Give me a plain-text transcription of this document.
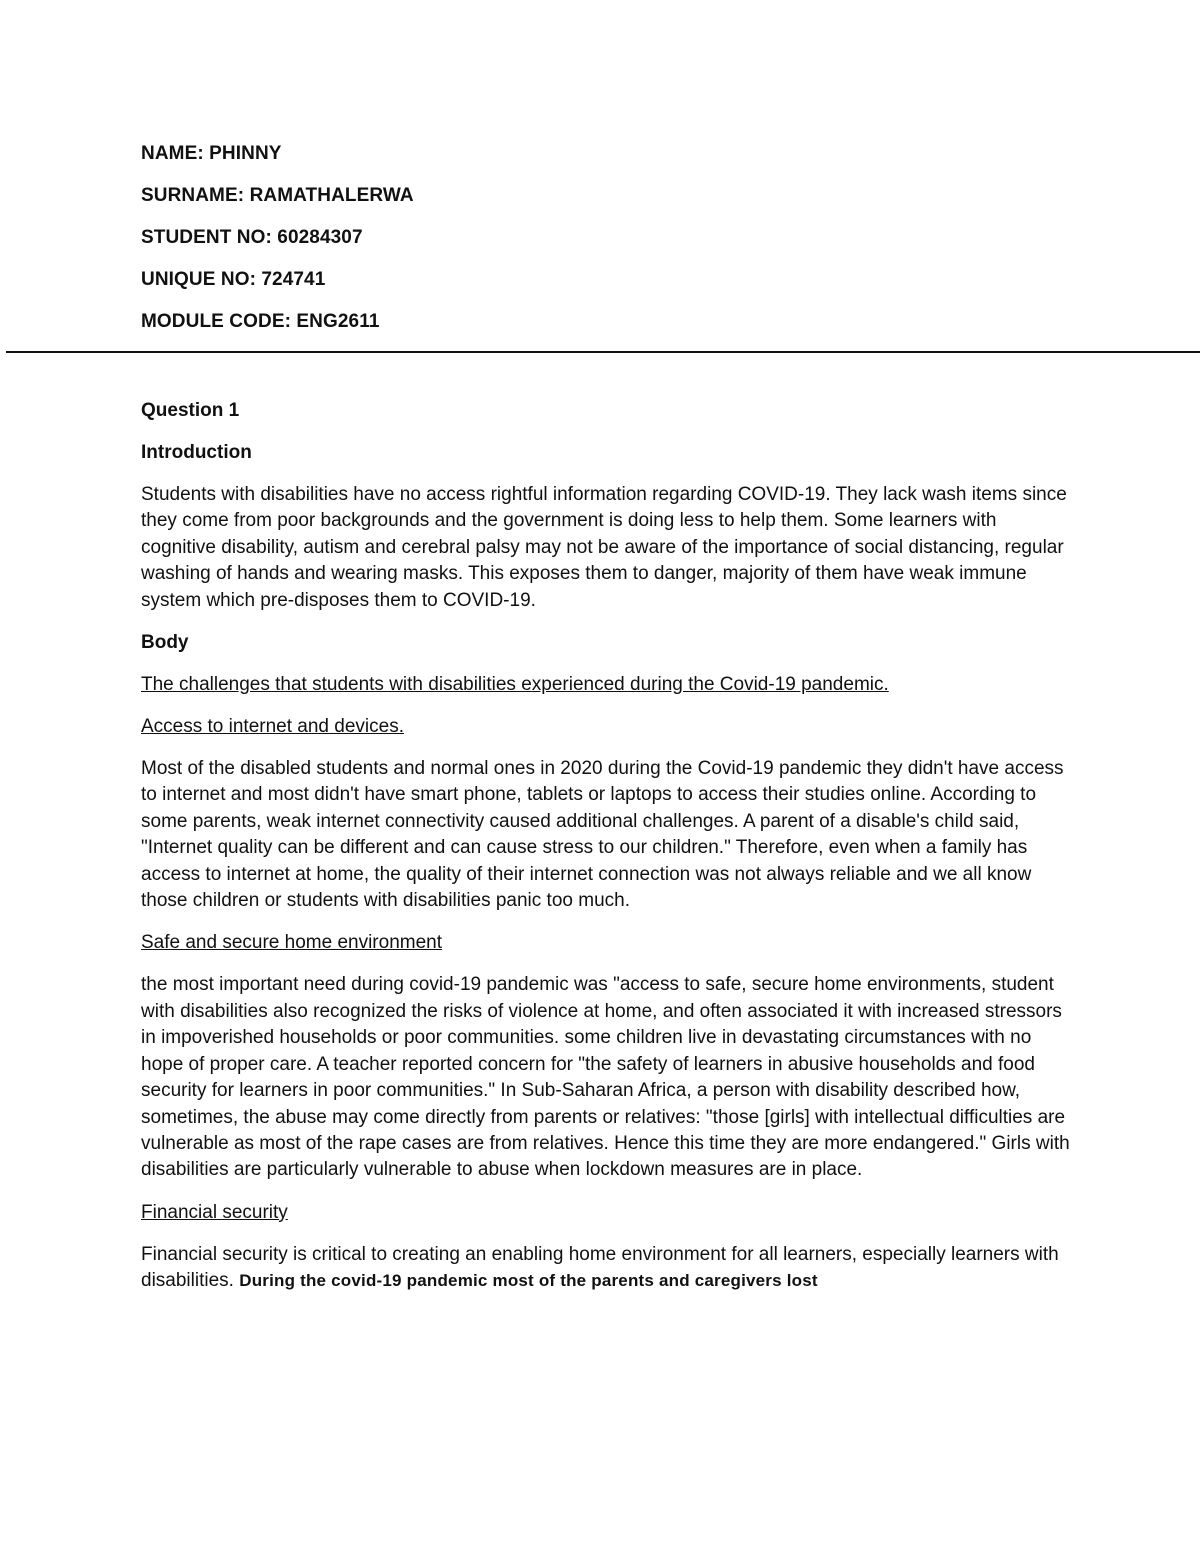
NAME: PHINNY
SURNAME: RAMATHALERWA
STUDENT NO: 60284307
UNIQUE NO: 724741
MODULE CODE: ENG2611
Question 1
Introduction
Students with disabilities have no access rightful information regarding COVID-19. They lack wash items since they come from poor backgrounds and the government is doing less to help them. Some learners with cognitive disability, autism and cerebral palsy may not be aware of the importance of social distancing, regular washing of hands and wearing masks. This exposes them to danger, majority of them have weak immune system which pre-disposes them to COVID-19.
Body
The challenges that students with disabilities experienced during the Covid-19 pandemic.
Access to internet and devices.
Most of the disabled students and normal ones in 2020 during the Covid-19 pandemic they didn't have access to internet and most didn't have smart phone, tablets or laptops to access their studies online. According to some parents, weak internet connectivity caused additional challenges. A parent of a disable's child said, "Internet quality can be different and can cause stress to our children." Therefore, even when a family has access to internet at home, the quality of their internet connection was not always reliable and we all know those children or students with disabilities panic too much.
Safe and secure home environment
the most important need during covid-19 pandemic was "access to safe, secure home environments, student with disabilities also recognized the risks of violence at home, and often associated it with increased stressors in impoverished households or poor communities. some children live in devastating circumstances with no hope of proper care. A teacher reported concern for "the safety of learners in abusive households and food security for learners in poor communities." In Sub-Saharan Africa, a person with disability described how, sometimes, the abuse may come directly from parents or relatives: "those [girls] with intellectual difficulties are vulnerable as most of the rape cases are from relatives. Hence this time they are more endangered." Girls with disabilities are particularly vulnerable to abuse when lockdown measures are in place.
Financial security
Financial security is critical to creating an enabling home environment for all learners, especially learners with disabilities. During the covid-19 pandemic most of the parents and caregivers lost
